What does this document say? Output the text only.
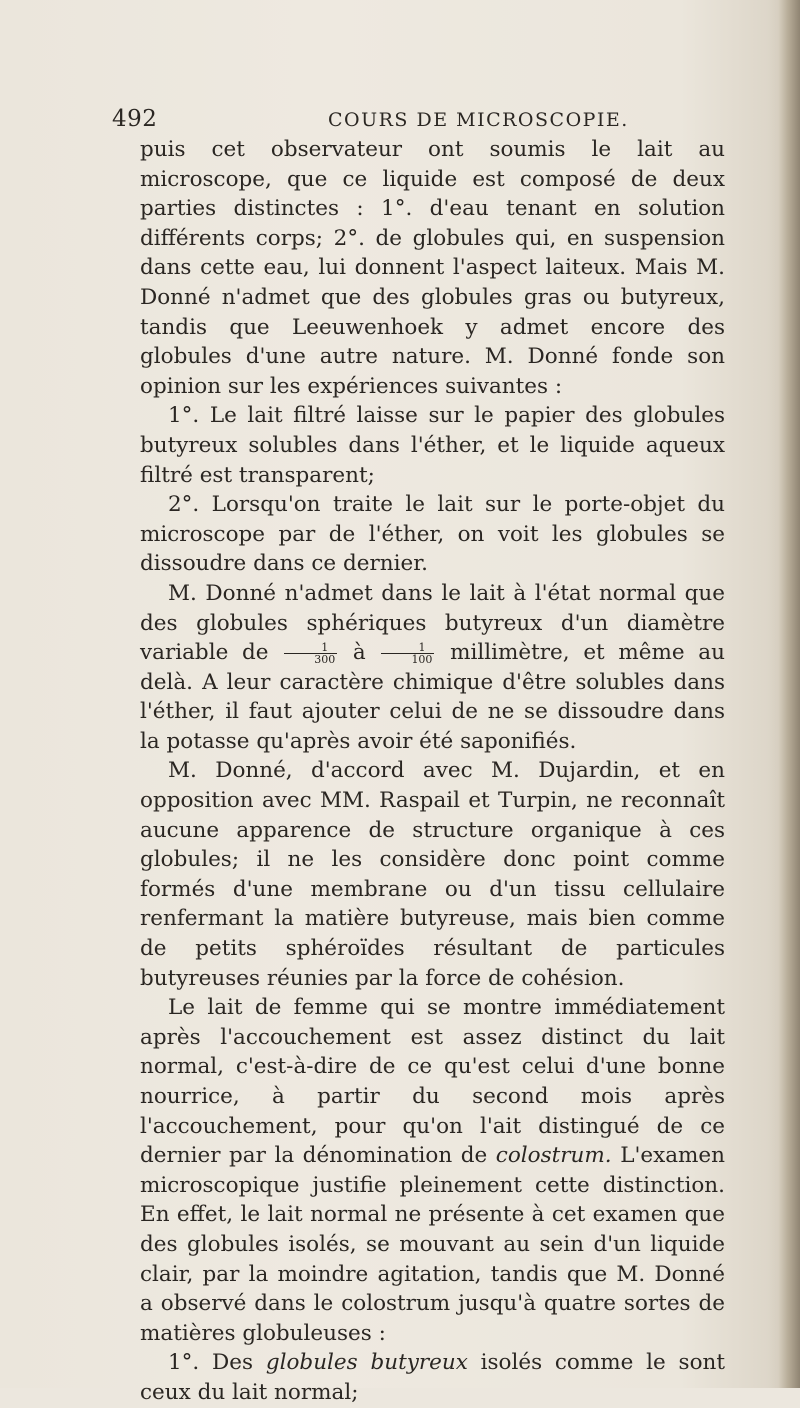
492	COURS DE MICROSCOPIE.

puis cet observateur ont soumis le lait au microscope, que ce liquide est composé de deux parties distinctes : 1°. d'eau tenant en solution différents corps; 2°. de globules qui, en suspension dans cette eau, lui donnent l'aspect laiteux. Mais M. Donné n'admet que des globules gras ou butyreux, tandis que Leeuwenhoek y admet encore des globules d'une autre nature. M. Donné fonde son opinion sur les expériences suivantes :

1°. Le lait filtré laisse sur le papier des globules butyreux solubles dans l'éther, et le liquide aqueux filtré est transparent;

2°. Lorsqu'on traite le lait sur le porte-objet du microscope par de l'éther, on voit les globules se dissoudre dans ce dernier.

M. Donné n'admet dans le lait à l'état normal que des globules sphériques butyreux d'un diamètre variable de $\frac{1}{300}$ à $\frac{1}{100}$ millimètre, et même au delà. A leur caractère chimique d'être solubles dans l'éther, il faut ajouter celui de ne se dissoudre dans la potasse qu'après avoir été saponifiés.

M. Donné, d'accord avec M. Dujardin, et en opposition avec MM. Raspail et Turpin, ne reconnaît aucune apparence de structure organique à ces globules; il ne les considère donc point comme formés d'une membrane ou d'un tissu cellulaire renfermant la matière butyreuse, mais bien comme de petits sphéroïdes résultant de particules butyreuses réunies par la force de cohésion.

Le lait de femme qui se montre immédiatement après l'accouchement est assez distinct du lait normal, c'est-à-dire de ce qu'est celui d'une bonne nourrice, à partir du second mois après l'accouchement, pour qu'on l'ait distingué de ce dernier par la dénomination de colostrum. L'examen microscopique justifie pleinement cette distinction. En effet, le lait normal ne présente à cet examen que des globules isolés, se mouvant au sein d'un liquide clair, par la moindre agitation, tandis que M. Donné a observé dans le colostrum jusqu'à quatre sortes de matières globuleuses :

1°. Des globules butyreux isolés comme le sont ceux du lait normal;
